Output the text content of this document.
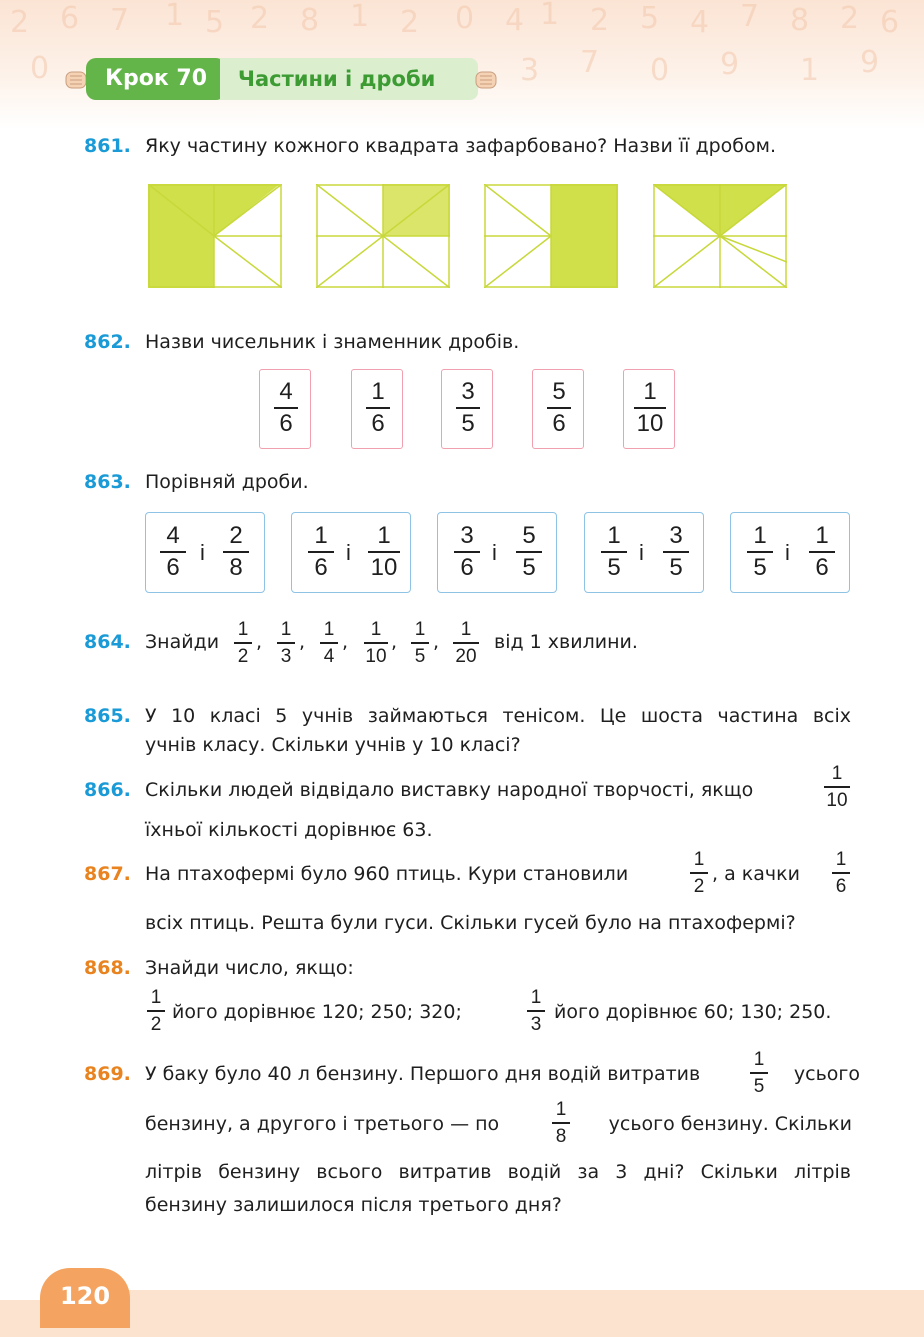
2 6 7 1 5 2 8 1 2 0 4 1 2 5 4 7 8 2 6
0	3 7 0 9 1 9
Крок 70	Частини і дроби
861. Яку частину кожного квадрата зафарбовано? Назви її дробом.
862. Назви чисельник і знаменник дробів.
4
6
1
6
3
5
5
6
1
10
863. Порівняй дроби.
4
6
і
2
8
1
6
і
1
10
3
6
і
5
5
1
5
і
3
5
1
5
і
1
6
864. Знайди
1
2
,
1
3
,
1
4
,
1
10
,
1
5
,
1
20
від 1 хвилини.
865. У 10 класі 5 учнів займаються тенісом. Це шоста частина всіх
учнів класу. Скільки учнів у 10 класі?
866. Скільки людей відвідало виставку народної творчості, якщо
1
10
їхньої кількості дорівнює 63.
867. На птахофермі було 960 птиць. Кури становили
1
2
, а качки
1
6
всіх птиць. Решта були гуси. Скільки гусей було на птахофермі?
868. Знайди число, якщо:
1
2
його дорівнює 120; 250; 320;
1
3
його дорівнює 60; 130; 250.
869. У баку було 40 л бензину. Першого дня водій витратив
1
5
усього
бензину, а другого і третього — по
1
8
усього бензину. Скільки
літрів бензину всього витратив водій за 3 дні? Скільки літрів
бензину залишилося після третього дня?
120
